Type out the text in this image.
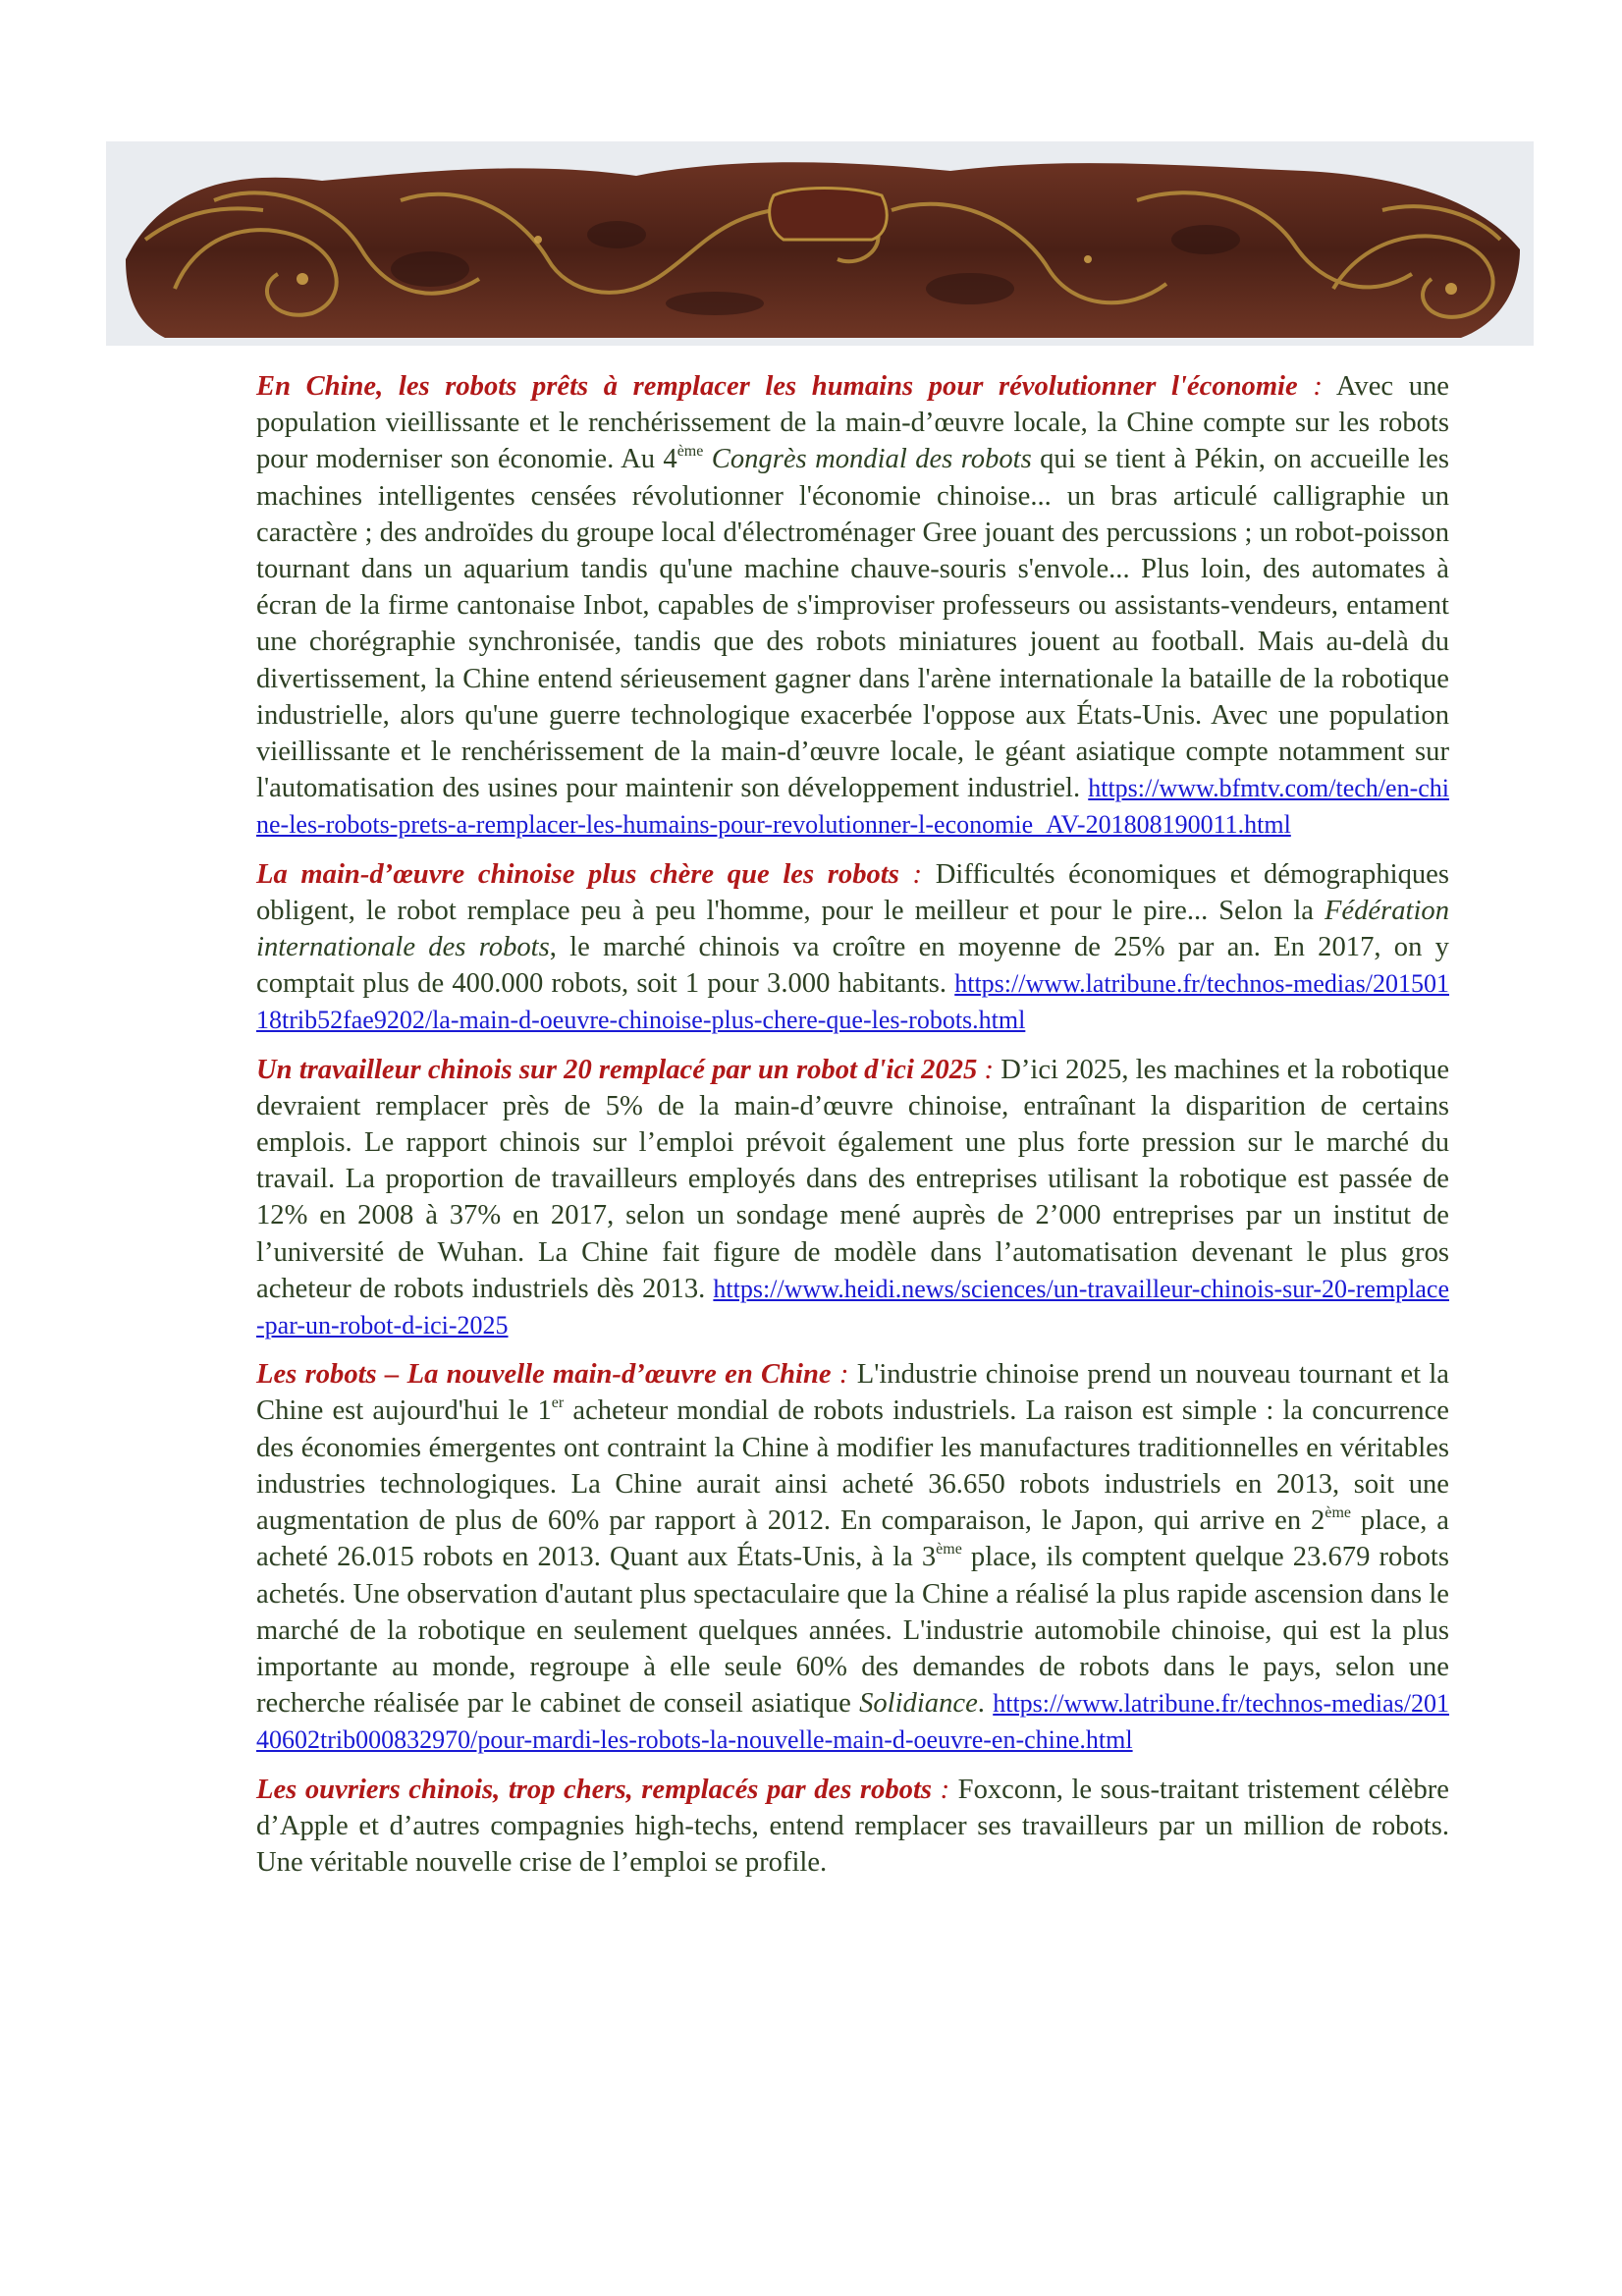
En Chine, les robots prêts à remplacer les humains pour révolutionner l'économie : Avec une population vieillissante et le renchérissement de la main-d’œuvre locale, la Chine compte sur les robots pour moderniser son économie. Au 4ème Congrès mondial des robots qui se tient à Pékin, on accueille les machines intelligentes censées révolutionner l'économie chinoise... un bras articulé calligraphie un caractère ; des androïdes du groupe local d'électroménager Gree jouant des percussions ; un robot-poisson tournant dans un aquarium tandis qu'une machine chauve-souris s'envole... Plus loin, des automates à écran de la firme cantonaise Inbot, capables de s'improviser professeurs ou assistants-vendeurs, entament une chorégraphie synchronisée, tandis que des robots miniatures jouent au football. Mais au-delà du divertissement, la Chine entend sérieusement gagner dans l'arène internationale la bataille de la robotique industrielle, alors qu'une guerre technologique exacerbée l'oppose aux États-Unis. Avec une population vieillissante et le renchérissement de la main-d’œuvre locale, le géant asiatique compte notamment sur l'automatisation des usines pour maintenir son développement industriel. https://www.bfmtv.com/tech/en-chine-les-robots-prets-a-remplacer-les-humains-pour-revolutionner-l-economie_AV-201808190011.html

La main-d’œuvre chinoise plus chère que les robots : Difficultés économiques et démographiques obligent, le robot remplace peu à peu l'homme, pour le meilleur et pour le pire... Selon la Fédération internationale des robots, le marché chinois va croître en moyenne de 25% par an. En 2017, on y comptait plus de 400.000 robots, soit 1 pour 3.000 habitants. https://www.latribune.fr/technos-medias/20150118trib52fae9202/la-main-d-oeuvre-chinoise-plus-chere-que-les-robots.html

Un travailleur chinois sur 20 remplacé par un robot d'ici 2025 : D’ici 2025, les machines et la robotique devraient remplacer près de 5% de la main-d’œuvre chinoise, entraînant la disparition de certains emplois. Le rapport chinois sur l’emploi prévoit également une plus forte pression sur le marché du travail. La proportion de travailleurs employés dans des entreprises utilisant la robotique est passée de 12% en 2008 à 37% en 2017, selon un sondage mené auprès de 2’000 entreprises par un institut de l’université de Wuhan. La Chine fait figure de modèle dans l’automatisation devenant le plus gros acheteur de robots industriels dès 2013. https://www.heidi.news/sciences/un-travailleur-chinois-sur-20-remplace-par-un-robot-d-ici-2025

Les robots – La nouvelle main-d’œuvre en Chine : L'industrie chinoise prend un nouveau tournant et la Chine est aujourd'hui le 1er acheteur mondial de robots industriels. La raison est simple : la concurrence des économies émergentes ont contraint la Chine à modifier les manufactures traditionnelles en véritables industries technologiques. La Chine aurait ainsi acheté 36.650 robots industriels en 2013, soit une augmentation de plus de 60% par rapport à 2012. En comparaison, le Japon, qui arrive en 2ème place, a acheté 26.015 robots en 2013. Quant aux États-Unis, à la 3ème place, ils comptent quelque 23.679 robots achetés. Une observation d'autant plus spectaculaire que la Chine a réalisé la plus rapide ascension dans le marché de la robotique en seulement quelques années. L'industrie automobile chinoise, qui est la plus importante au monde, regroupe à elle seule 60% des demandes de robots dans le pays, selon une recherche réalisée par le cabinet de conseil asiatique Solidiance. https://www.latribune.fr/technos-medias/20140602trib000832970/pour-mardi-les-robots-la-nouvelle-main-d-oeuvre-en-chine.html

Les ouvriers chinois, trop chers, remplacés par des robots : Foxconn, le sous-traitant tristement célèbre d’Apple et d’autres compagnies high-techs, entend remplacer ses travailleurs par un million de robots. Une véritable nouvelle crise de l’emploi se profile.
